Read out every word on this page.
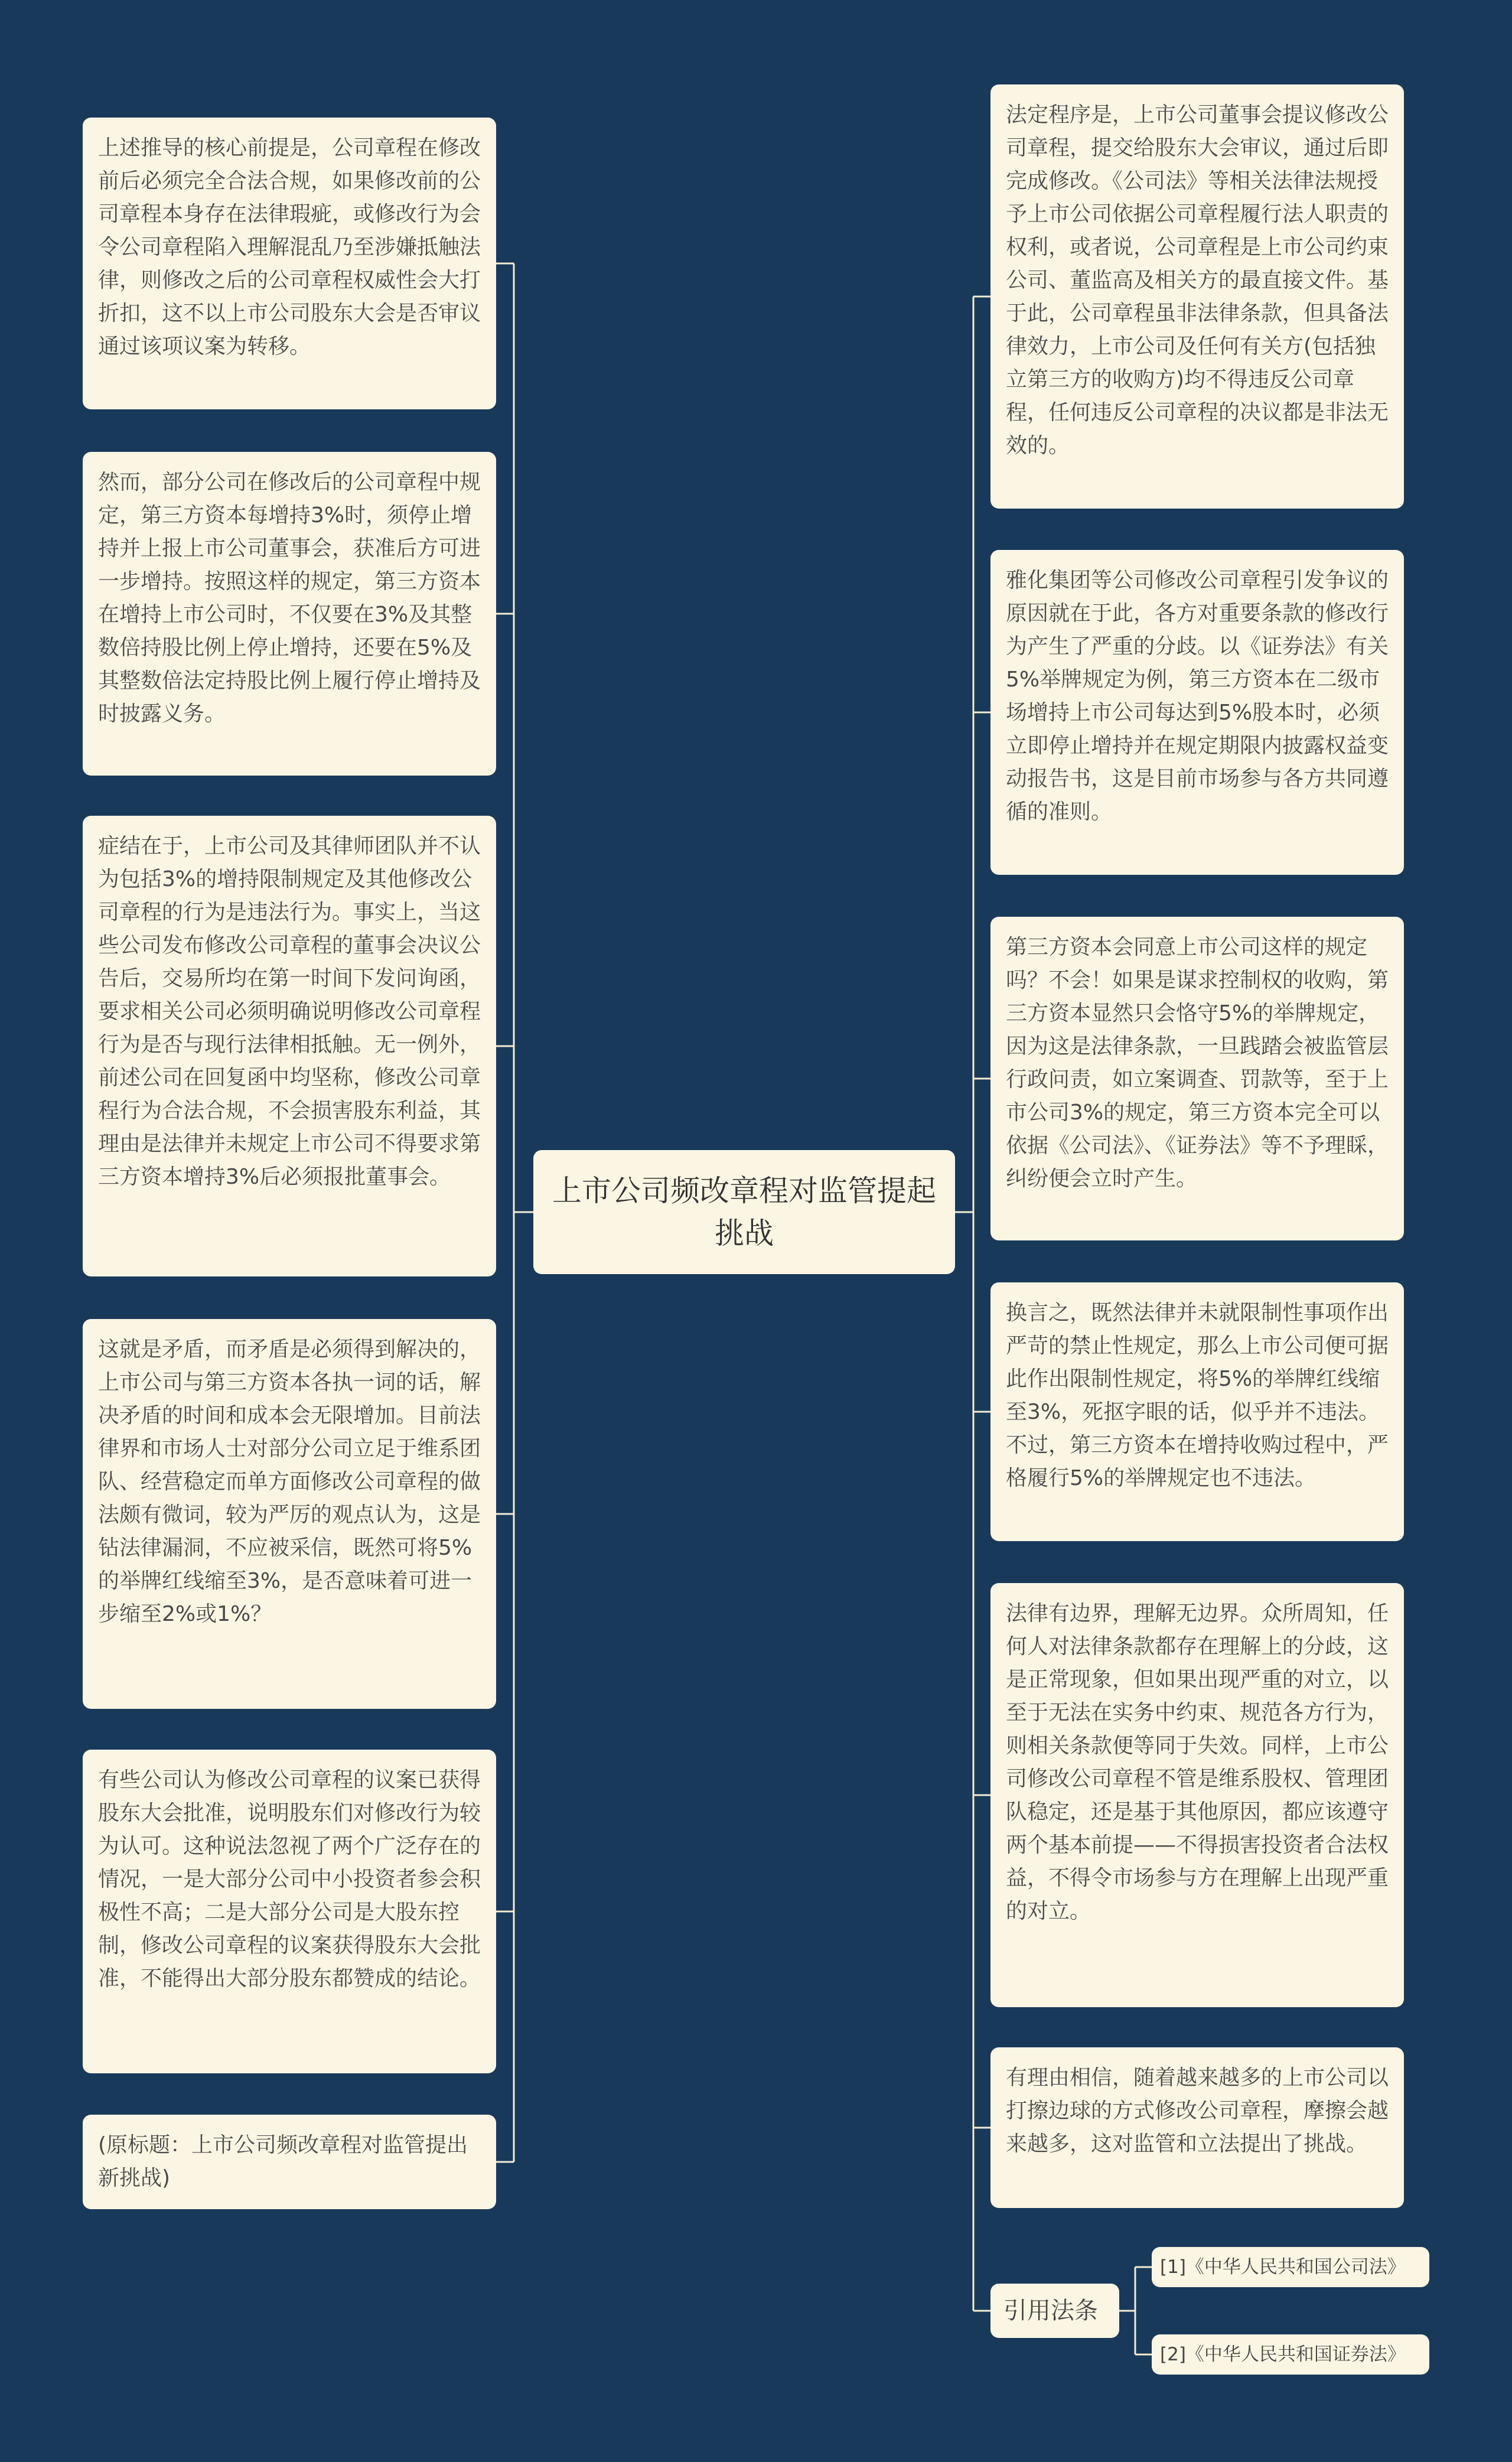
上市公司频改章程对监管提起挑战
上述推导的核心前提是，公司章程在修改前后必须完全合法合规，如果修改前的公司章程本身存在法律瑕疵，或修改行为会令公司章程陷入理解混乱乃至涉嫌抵触法律，则修改之后的公司章程权威性会大打折扣，这不以上市公司股东大会是否审议通过该项议案为转移。
然而，部分公司在修改后的公司章程中规定，第三方资本每增持3%时，须停止增持并上报上市公司董事会，获准后方可进一步增持。按照这样的规定，第三方资本在增持上市公司时，不仅要在3%及其整数倍持股比例上停止增持，还要在5%及其整数倍法定持股比例上履行停止增持及时披露义务。
症结在于，上市公司及其律师团队并不认为包括3%的增持限制规定及其他修改公司章程的行为是违法行为。事实上，当这些公司发布修改公司章程的董事会决议公告后，交易所均在第一时间下发问询函，要求相关公司必须明确说明修改公司章程行为是否与现行法律相抵触。无一例外，前述公司在回复函中均坚称，修改公司章程行为合法合规，不会损害股东利益，其理由是法律并未规定上市公司不得要求第三方资本增持3%后必须报批董事会。
这就是矛盾，而矛盾是必须得到解决的，上市公司与第三方资本各执一词的话，解决矛盾的时间和成本会无限增加。目前法律界和市场人士对部分公司立足于维系团队、经营稳定而单方面修改公司章程的做法颇有微词，较为严厉的观点认为，这是钻法律漏洞，不应被采信，既然可将5%的举牌红线缩至3%，是否意味着可进一步缩至2%或1%？
有些公司认为修改公司章程的议案已获得股东大会批准，说明股东们对修改行为较为认可。这种说法忽视了两个广泛存在的情况，一是大部分公司中小投资者参会积极性不高；二是大部分公司是大股东控制，修改公司章程的议案获得股东大会批准，不能得出大部分股东都赞成的结论。
(原标题：上市公司频改章程对监管提出新挑战)
法定程序是，上市公司董事会提议修改公司章程，提交给股东大会审议，通过后即完成修改。《公司法》等相关法律法规授予上市公司依据公司章程履行法人职责的权利，或者说，公司章程是上市公司约束公司、董监高及相关方的最直接文件。基于此，公司章程虽非法律条款，但具备法律效力，上市公司及任何有关方(包括独立第三方的收购方)均不得违反公司章程，任何违反公司章程的决议都是非法无效的。
雅化集团等公司修改公司章程引发争议的原因就在于此，各方对重要条款的修改行为产生了严重的分歧。以《证券法》有关5%举牌规定为例，第三方资本在二级市场增持上市公司每达到5%股本时，必须立即停止增持并在规定期限内披露权益变动报告书，这是目前市场参与各方共同遵循的准则。
第三方资本会同意上市公司这样的规定吗？不会！如果是谋求控制权的收购，第三方资本显然只会恪守5%的举牌规定，因为这是法律条款，一旦践踏会被监管层行政问责，如立案调查、罚款等，至于上市公司3%的规定，第三方资本完全可以依据《公司法》、《证券法》等不予理睬，纠纷便会立时产生。
换言之，既然法律并未就限制性事项作出严苛的禁止性规定，那么上市公司便可据此作出限制性规定，将5%的举牌红线缩至3%，死抠字眼的话，似乎并不违法。不过，第三方资本在增持收购过程中，严格履行5%的举牌规定也不违法。
法律有边界，理解无边界。众所周知，任何人对法律条款都存在理解上的分歧，这是正常现象，但如果出现严重的对立，以至于无法在实务中约束、规范各方行为，则相关条款便等同于失效。同样，上市公司修改公司章程不管是维系股权、管理团队稳定，还是基于其他原因，都应该遵守两个基本前提——不得损害投资者合法权益，不得令市场参与方在理解上出现严重的对立。
有理由相信，随着越来越多的上市公司以打擦边球的方式修改公司章程，摩擦会越来越多，这对监管和立法提出了挑战。
引用法条
[1]《中华人民共和国公司法》
[2]《中华人民共和国证券法》
